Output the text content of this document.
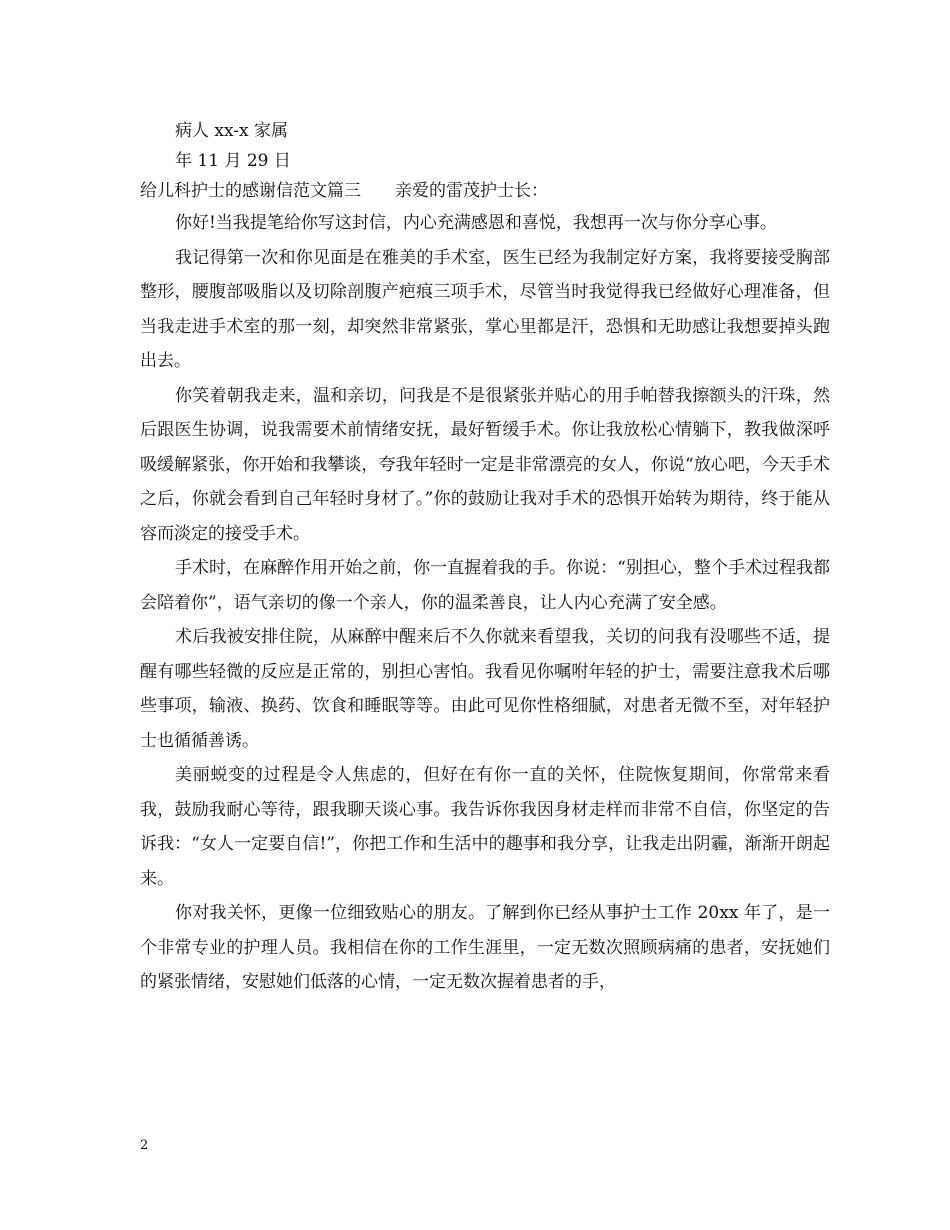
病人 xx-x 家属

年 11 月 29 日

给儿科护士的感谢信范文篇三　　亲爱的雷茂护士长：

你好!当我提笔给你写这封信，内心充满感恩和喜悦，我想再一次与你分享心事。

我记得第一次和你见面是在雅美的手术室，医生已经为我制定好方案，我将要接受胸部整形，腰腹部吸脂以及切除剖腹产疤痕三项手术，尽管当时我觉得我已经做好心理准备，但当我走进手术室的那一刻，却突然非常紧张，掌心里都是汗，恐惧和无助感让我想要掉头跑出去。

你笑着朝我走来，温和亲切，问我是不是很紧张并贴心的用手帕替我擦额头的汗珠，然后跟医生协调，说我需要术前情绪安抚，最好暂缓手术。你让我放松心情躺下，教我做深呼吸缓解紧张，你开始和我攀谈，夸我年轻时一定是非常漂亮的女人，你说“放心吧，今天手术之后，你就会看到自己年轻时身材了。”你的鼓励让我对手术的恐惧开始转为期待，终于能从容而淡定的接受手术。

手术时，在麻醉作用开始之前，你一直握着我的手。你说：“别担心，整个手术过程我都会陪着你”，语气亲切的像一个亲人，你的温柔善良，让人内心充满了安全感。

术后我被安排住院，从麻醉中醒来后不久你就来看望我，关切的问我有没哪些不适，提醒有哪些轻微的反应是正常的，别担心害怕。我看见你嘱咐年轻的护士，需要注意我术后哪些事项，输液、换药、饮食和睡眠等等。由此可见你性格细腻，对患者无微不至，对年轻护士也循循善诱。

美丽蜕变的过程是令人焦虑的，但好在有你一直的关怀，住院恢复期间，你常常来看我，鼓励我耐心等待，跟我聊天谈心事。我告诉你我因身材走样而非常不自信，你坚定的告诉我：“女人一定要自信!”，你把工作和生活中的趣事和我分享，让我走出阴霾，渐渐开朗起来。

你对我关怀，更像一位细致贴心的朋友。了解到你已经从事护士工作 20xx 年了，是一个非常专业的护理人员。我相信在你的工作生涯里，一定无数次照顾病痛的患者，安抚她们的紧张情绪，安慰她们低落的心情，一定无数次握着患者的手，

2
